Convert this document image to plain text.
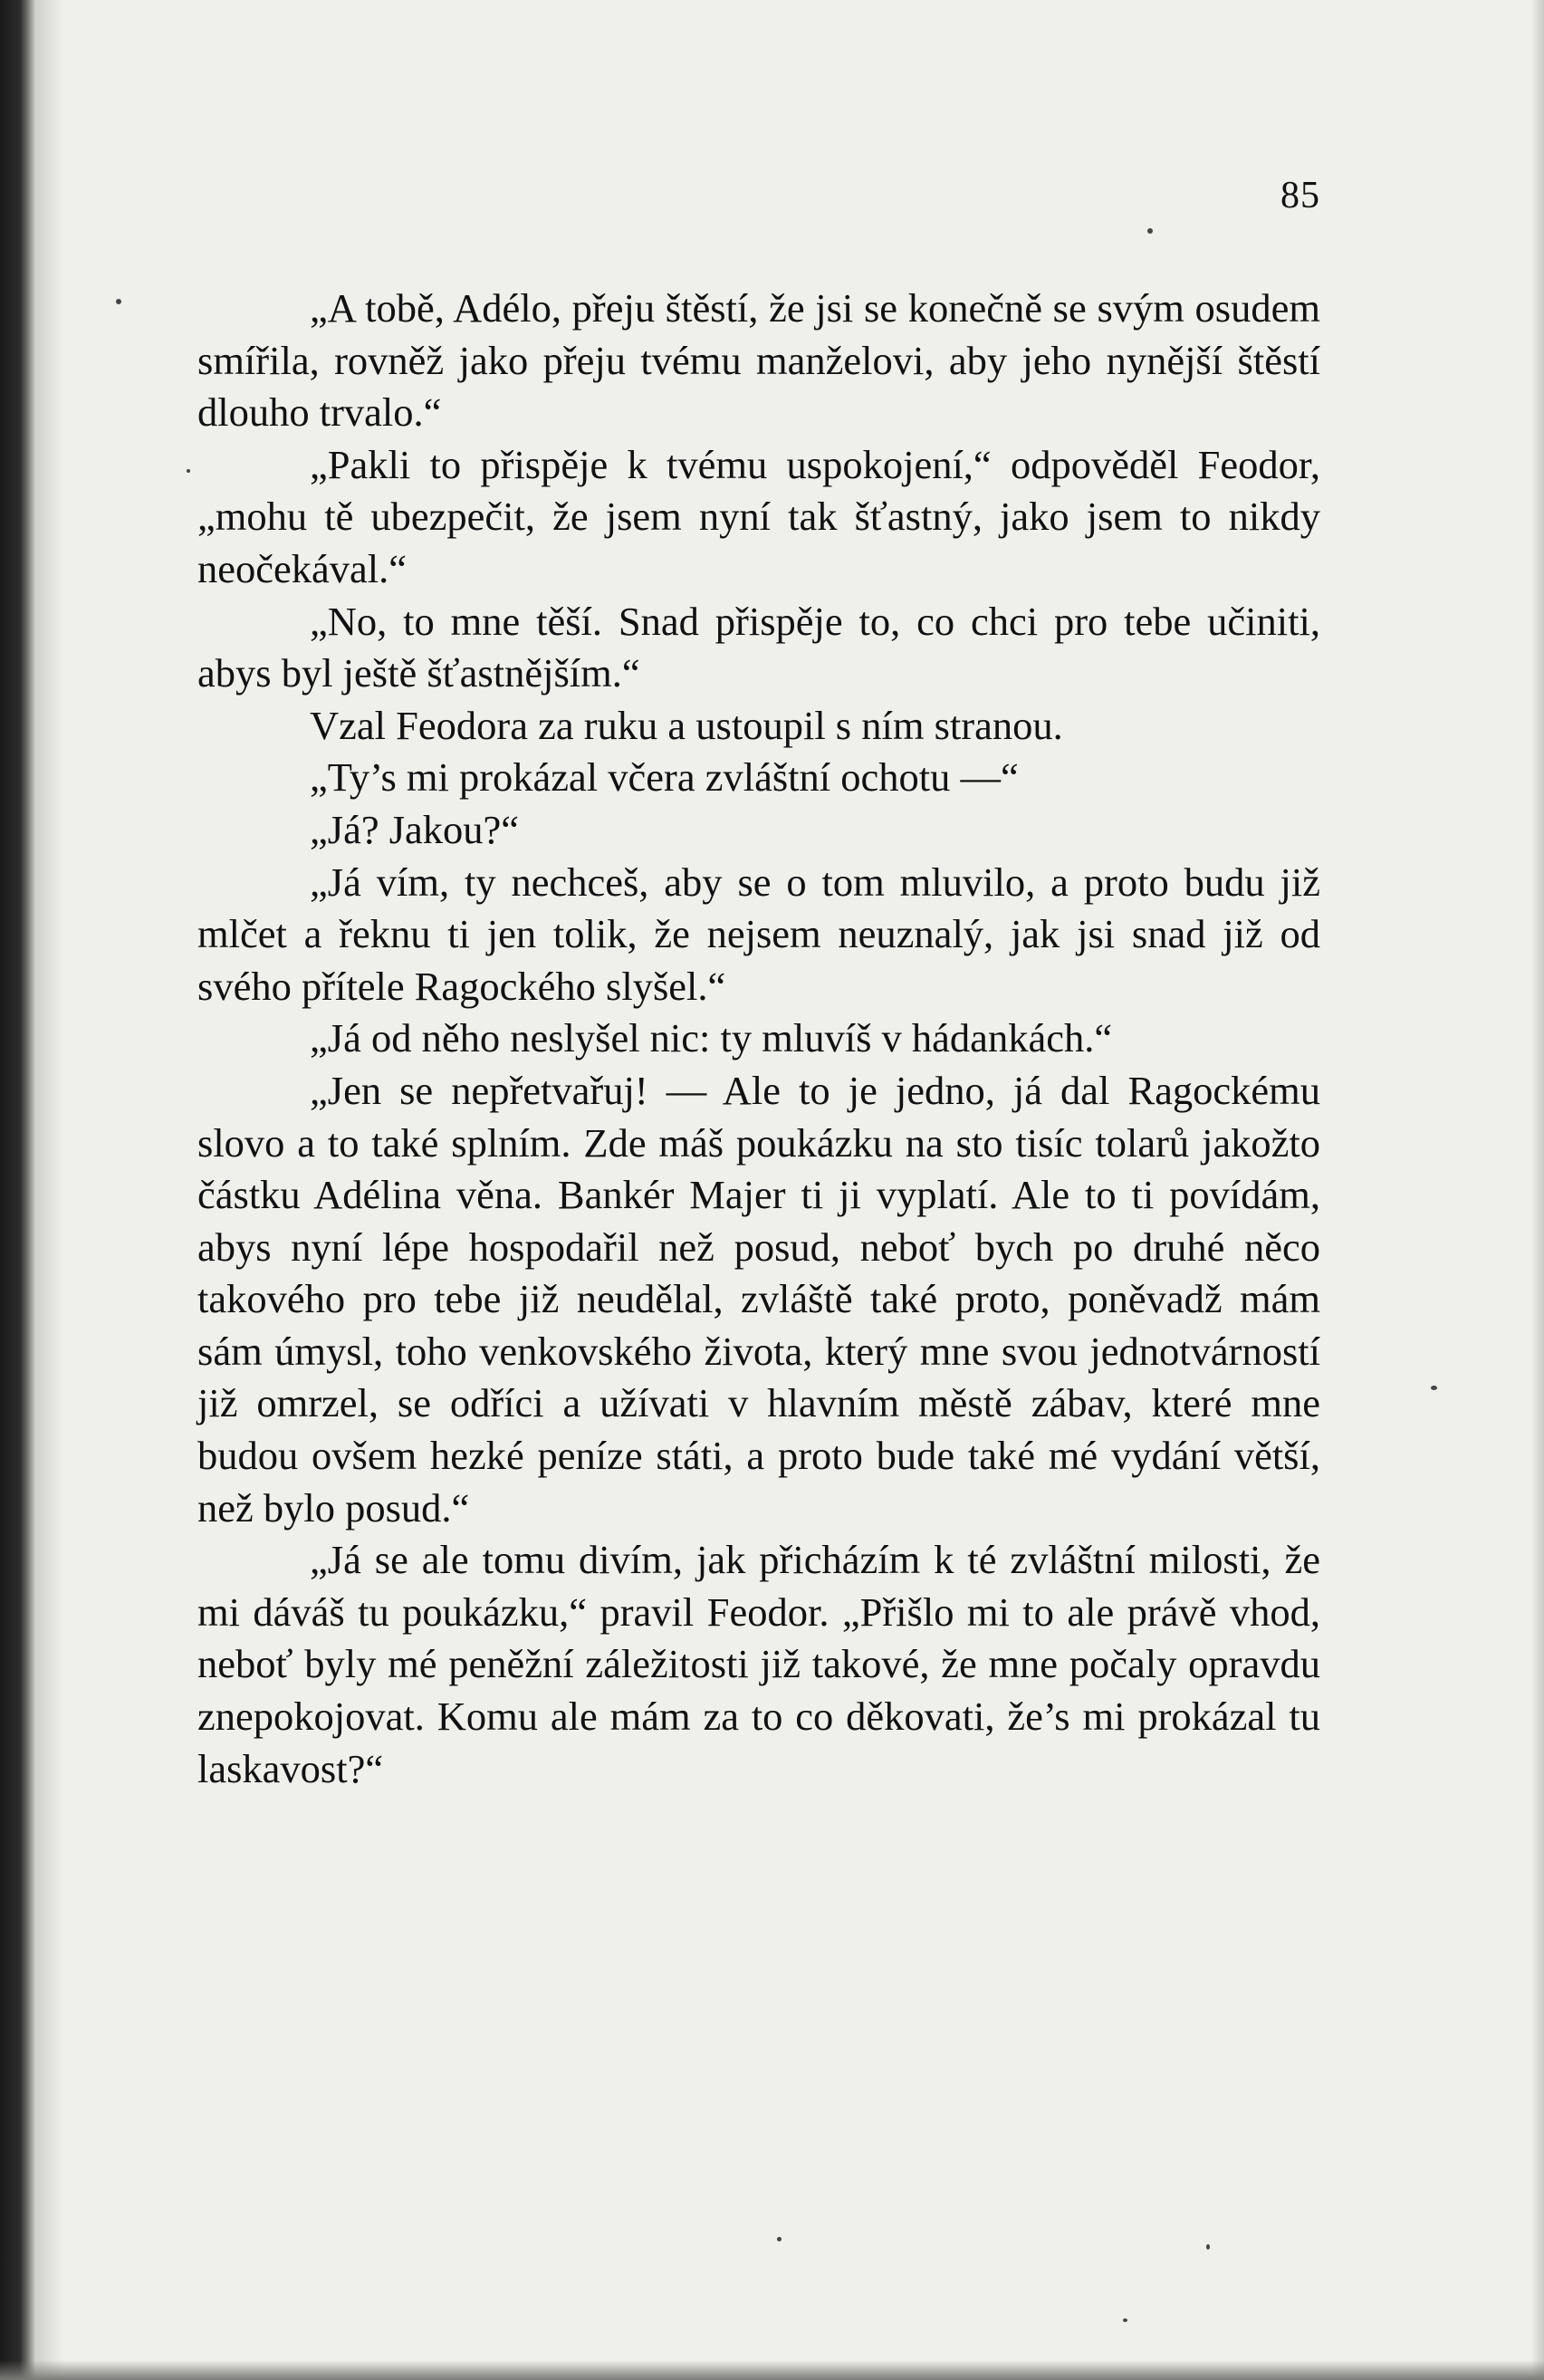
85

„A tobě, Adélo, přeju štěstí, že jsi se konečně se svým osudem smířila, rovněž jako přeju tvému manželovi, aby jeho nynější štěstí dlouho trvalo.“

„Pakli to přispěje k tvému uspokojení,“ odpověděl Feodor, „mohu tě ubezpečit, že jsem nyní tak šťastný, jako jsem to nikdy neočekával.“

„No, to mne těší. Snad přispěje to, co chci pro tebe učiniti, abys byl ještě šťastnějším.“

Vzal Feodora za ruku a ustoupil s ním stranou.

„Ty’s mi prokázal včera zvláštní ochotu —“

„Já? Jakou?“

„Já vím, ty nechceš, aby se o tom mluvilo, a proto budu již mlčet a řeknu ti jen tolik, že nejsem neuznalý, jak jsi snad již od svého přítele Ragockého slyšel.“

„Já od něho neslyšel nic: ty mluvíš v hádankách.“

„Jen se nepřetvařuj! — Ale to je jedno, já dal Ragockému slovo a to také splním. Zde máš poukázku na sto tisíc tolarů jakožto částku Adélina věna. Bankér Majer ti ji vyplatí. Ale to ti povídám, abys nyní lépe hospodařil než posud, neboť bych po druhé něco takového pro tebe již neudělal, zvláště také proto, poněvadž mám sám úmysl, toho venkovského života, který mne svou jednotvárností již omrzel, se odříci a užívati v hlavním městě zábav, které mne budou ovšem hezké peníze státi, a proto bude také mé vydání větší, než bylo posud.“

„Já se ale tomu divím, jak přicházím k té zvláštní milosti, že mi dáváš tu poukázku,“ pravil Feodor. „Přišlo mi to ale právě vhod, neboť byly mé peněžní záležitosti již takové, že mne počaly opravdu znepokojovat. Komu ale mám za to co děkovati, že’s mi prokázal tu laskavost?“
